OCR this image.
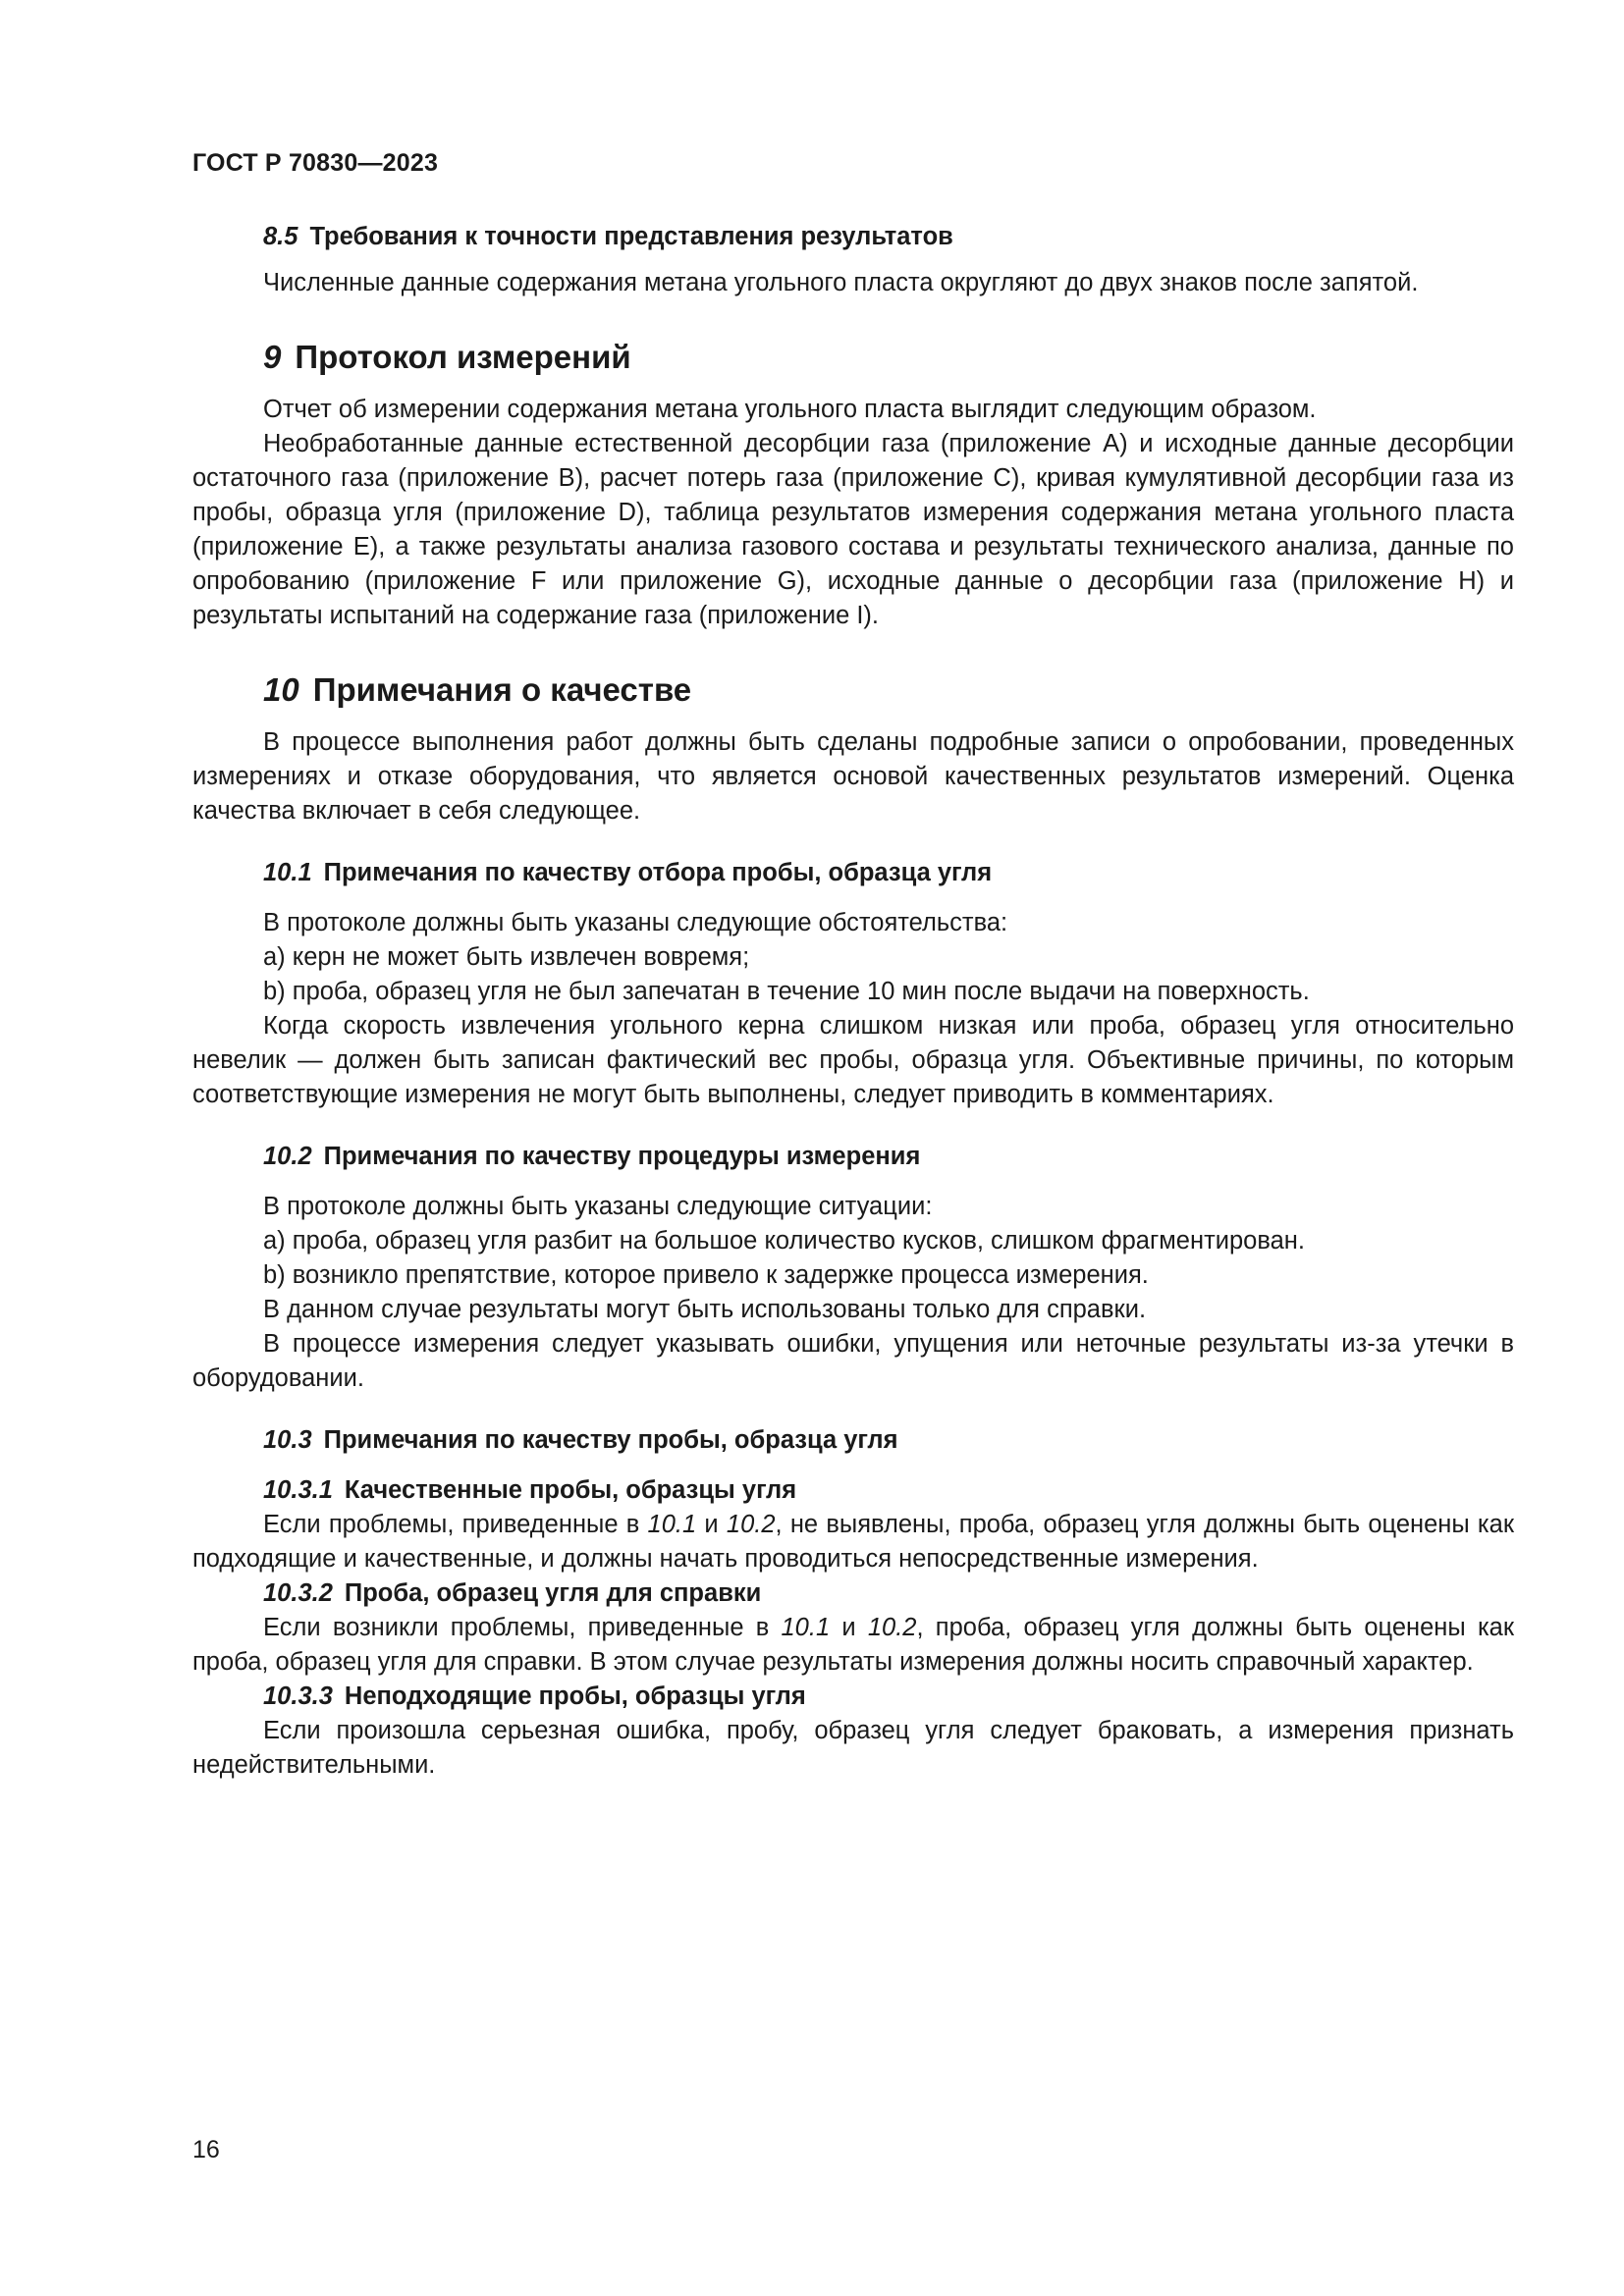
ГОСТ Р 70830—2023
8.5 Требования к точности представления результатов

Численные данные содержания метана угольного пласта округляют до двух знаков после запятой.

9 Протокол измерений

Отчет об измерении содержания метана угольного пласта выглядит следующим образом.

Необработанные данные естественной десорбции газа (приложение А) и исходные данные десорбции остаточного газа (приложение В), расчет потерь газа (приложение С), кривая кумулятивной десорбции газа из пробы, образца угля (приложение D), таблица результатов измерения содержания метана угольного пласта (приложение Е), а также результаты анализа газового состава и результаты технического анализа, данные по опробованию (приложение F или приложение G), исходные данные о десорбции газа (приложение Н) и результаты испытаний на содержание газа (приложение I).

10 Примечания о качестве

В процессе выполнения работ должны быть сделаны подробные записи о опробовании, проведенных измерениях и отказе оборудования, что является основой качественных результатов измерений. Оценка качества включает в себя следующее.

10.1 Примечания по качеству отбора пробы, образца угля

В протоколе должны быть указаны следующие обстоятельства:

а) керн не может быть извлечен вовремя;

b) проба, образец угля не был запечатан в течение 10 мин после выдачи на поверхность.

Когда скорость извлечения угольного керна слишком низкая или проба, образец угля относительно невелик — должен быть записан фактический вес пробы, образца угля. Объективные причины, по которым соответствующие измерения не могут быть выполнены, следует приводить в комментариях.

10.2 Примечания по качеству процедуры измерения

В протоколе должны быть указаны следующие ситуации:

а) проба, образец угля разбит на большое количество кусков, слишком фрагментирован.

b) возникло препятствие, которое привело к задержке процесса измерения.

В данном случае результаты могут быть использованы только для справки.

В процессе измерения следует указывать ошибки, упущения или неточные результаты из-за утечки в оборудовании.

10.3 Примечания по качеству пробы, образца угля
10.3.1 Качественные пробы, образцы угля

Если проблемы, приведенные в 10.1 и 10.2, не выявлены, проба, образец угля должны быть оценены как подходящие и качественные, и должны начать проводиться непосредственные измерения.

10.3.2 Проба, образец угля для справки

Если возникли проблемы, приведенные в 10.1 и 10.2, проба, образец угля должны быть оценены как проба, образец угля для справки. В этом случае результаты измерения должны носить справочный характер.

10.3.3 Неподходящие пробы, образцы угля

Если произошла серьезная ошибка, пробу, образец угля следует браковать, а измерения признать недействительными.

16
